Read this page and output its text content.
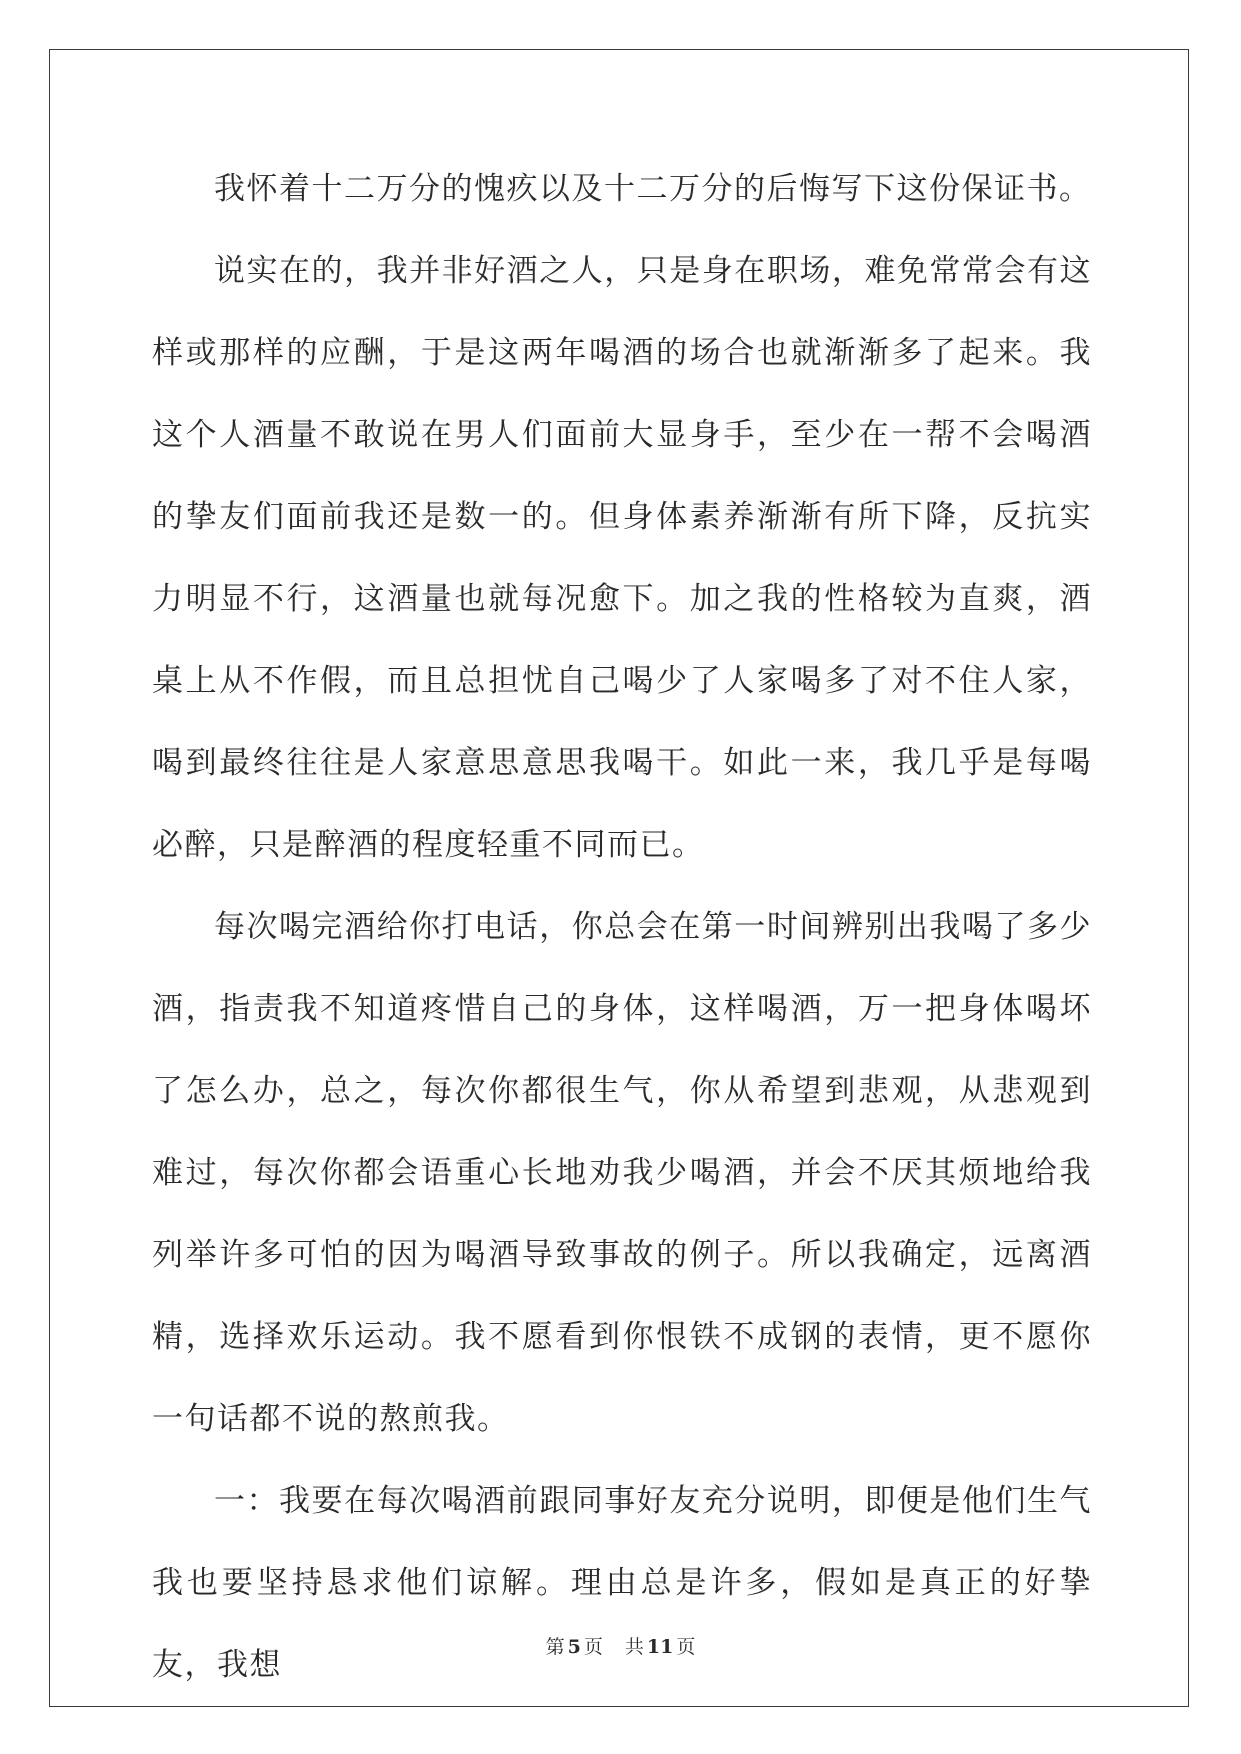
我怀着十二万分的愧疚以及十二万分的后悔写下这份保证书。

说实在的，我并非好酒之人，只是身在职场，难免常常会有这样或那样的应酬，于是这两年喝酒的场合也就渐渐多了起来。我这个人酒量不敢说在男人们面前大显身手，至少在一帮不会喝酒的挚友们面前我还是数一的。但身体素养渐渐有所下降，反抗实力明显不行，这酒量也就每况愈下。加之我的性格较为直爽，酒桌上从不作假，而且总担忧自己喝少了人家喝多了对不住人家，喝到最终往往是人家意思意思我喝干。如此一来，我几乎是每喝必醉，只是醉酒的程度轻重不同而已。

每次喝完酒给你打电话，你总会在第一时间辨别出我喝了多少酒，指责我不知道疼惜自己的身体，这样喝酒，万一把身体喝坏了怎么办，总之，每次你都很生气，你从希望到悲观，从悲观到难过，每次你都会语重心长地劝我少喝酒，并会不厌其烦地给我列举许多可怕的因为喝酒导致事故的例子。所以我确定，远离酒精，选择欢乐运动。我不愿看到你恨铁不成钢的表情，更不愿你一句话都不说的熬煎我。

一：我要在每次喝酒前跟同事好友充分说明，即便是他们生气我也要坚持恳求他们谅解。理由总是许多，假如是真正的好挚友，我想	第 5 页 共 11 页
